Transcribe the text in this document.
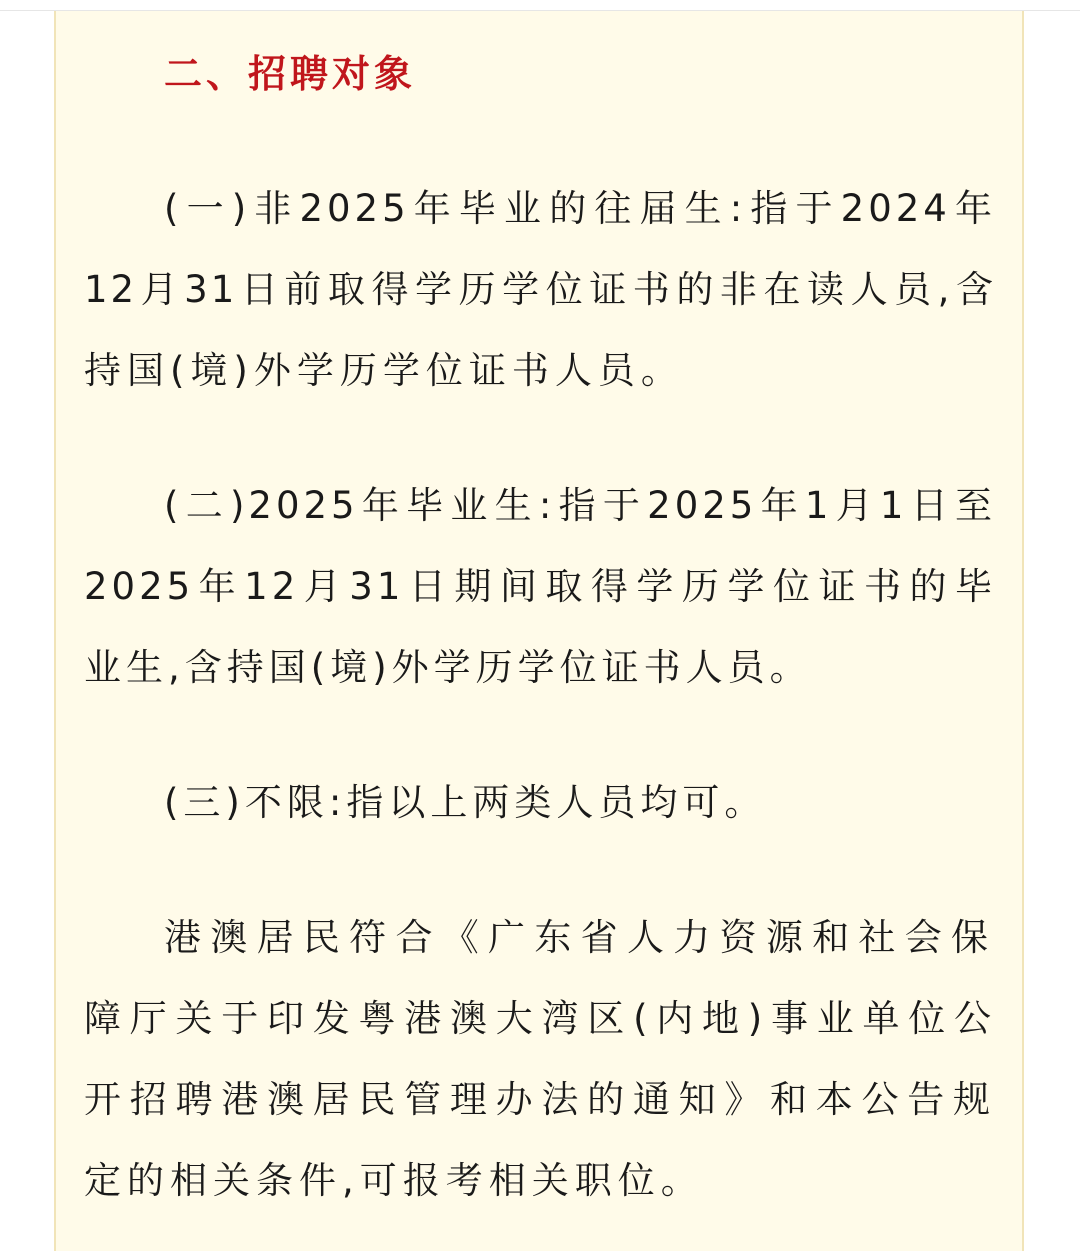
二、招聘对象

(一)非2025年毕业的往届生:指于2024年
12月31日前取得学历学位证书的非在读人员,含
持国(境)外学历学位证书人员。

(二)2025年毕业生:指于2025年1月1日至
2025年12月31日期间取得学历学位证书的毕
业生,含持国(境)外学历学位证书人员。

(三)不限:指以上两类人员均可。

港澳居民符合《广东省人力资源和社会保
障厅关于印发粤港澳大湾区(内地)事业单位公
开招聘港澳居民管理办法的通知》和本公告规
定的相关条件,可报考相关职位。
